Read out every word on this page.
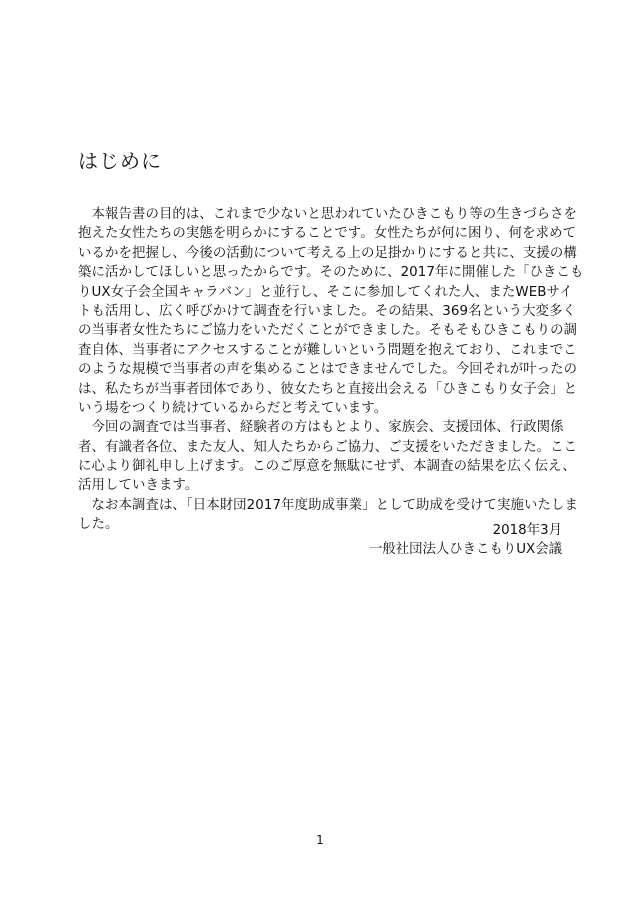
はじめに
　本報告書の目的は、これまで少ないと思われていたひきこもり等の生きづらさを
抱えた女性たちの実態を明らかにすることです。女性たちが何に困り、何を求めて
いるかを把握し、今後の活動について考える上の足掛かりにすると共に、支援の構
築に活かしてほしいと思ったからです。そのために、2017年に開催した「ひきこも
りUX女子会全国キャラバン」と並行し、そこに参加してくれた人、またWEBサイ
トも活用し、広く呼びかけて調査を行いました。その結果、369名という大変多く
の当事者女性たちにご協力をいただくことができました。そもそもひきこもりの調
査自体、当事者にアクセスすることが難しいという問題を抱えており、これまでこ
のような規模で当事者の声を集めることはできませんでした。今回それが叶ったの
は、私たちが当事者団体であり、彼女たちと直接出会える「ひきこもり女子会」と
いう場をつくり続けているからだと考えています。
　今回の調査では当事者、経験者の方はもとより、家族会、支援団体、行政関係
者、有識者各位、また友人、知人たちからご協力、ご支援をいただきました。ここ
に心より御礼申し上げます。このご厚意を無駄にせず、本調査の結果を広く伝え、
活用していきます。
　なお本調査は、「日本財団2017年度助成事業」として助成を受けて実施いたしま
した。	2018年3月
一般社団法人ひきこもりUX会議
1
